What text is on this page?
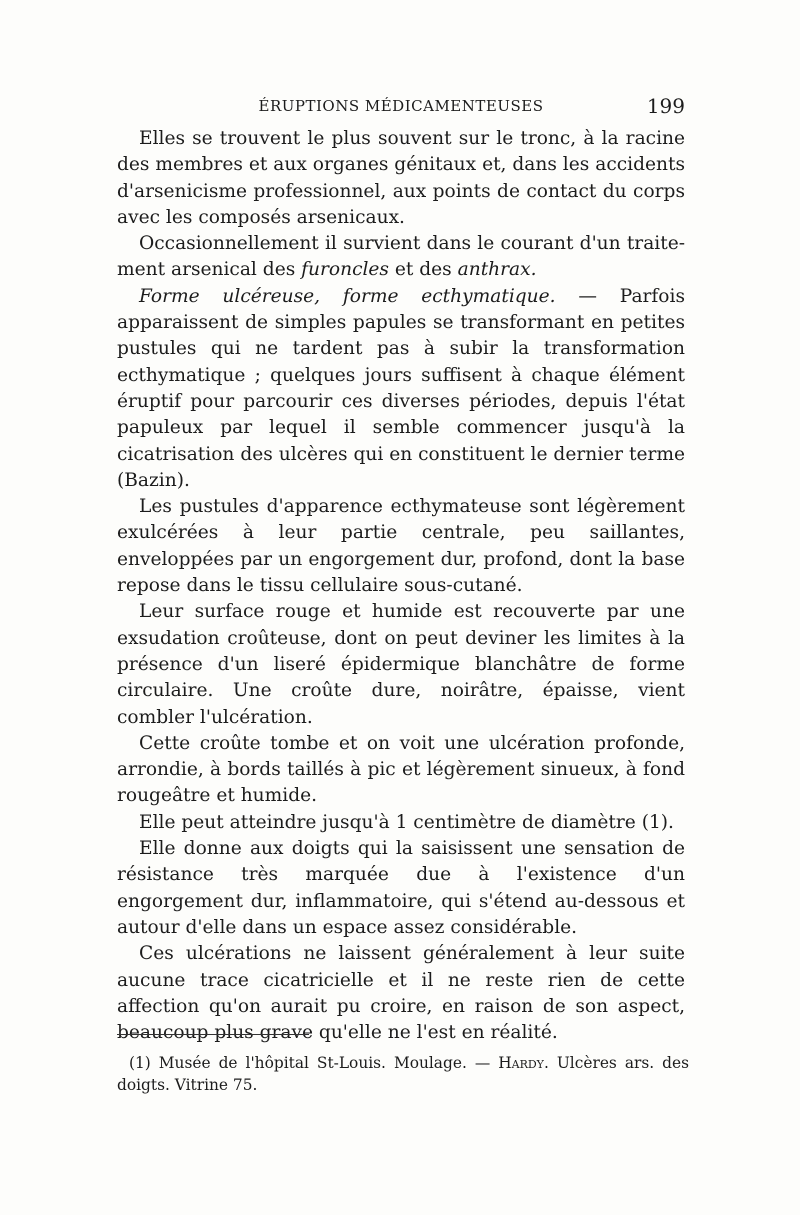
ÉRUPTIONS MÉDICAMENTEUSES	199

Elles se trouvent le plus souvent sur le tronc, à la racine des membres et aux organes génitaux et, dans les accidents d'arsenicisme professionnel, aux points de contact du corps avec les composés arsenicaux.

Occasionnellement il survient dans le courant d'un traitement arsenical des furoncles et des anthrax.

Forme ulcéreuse, forme ecthymatique. — Parfois apparaissent de simples papules se transformant en petites pustules qui ne tardent pas à subir la transformation ecthymatique ; quelques jours suffisent à chaque élément éruptif pour parcourir ces diverses périodes, depuis l'état papuleux par lequel il semble commencer jusqu'à la cicatrisation des ulcères qui en constituent le dernier terme (Bazin).

Les pustules d'apparence ecthymateuse sont légèrement exulcérées à leur partie centrale, peu saillantes, enveloppées par un engorgement dur, profond, dont la base repose dans le tissu cellulaire sous-cutané.

Leur surface rouge et humide est recouverte par une exsudation croûteuse, dont on peut deviner les limites à la présence d'un liseré épidermique blanchâtre de forme circulaire. Une croûte dure, noirâtre, épaisse, vient combler l'ulcération.

Cette croûte tombe et on voit une ulcération profonde, arrondie, à bords taillés à pic et légèrement sinueux, à fond rougeâtre et humide.

Elle peut atteindre jusqu'à 1 centimètre de diamètre (1).

Elle donne aux doigts qui la saisissent une sensation de résistance très marquée due à l'existence d'un engorgement dur, inflammatoire, qui s'étend au-dessous et autour d'elle dans un espace assez considérable.

Ces ulcérations ne laissent généralement à leur suite aucune trace cicatricielle et il ne reste rien de cette affection qu'on aurait pu croire, en raison de son aspect, beaucoup plus grave qu'elle ne l'est en réalité.

(1) Musée de l'hôpital St-Louis. Moulage. — Hardy. Ulcères ars. des doigts. Vitrine 75.
